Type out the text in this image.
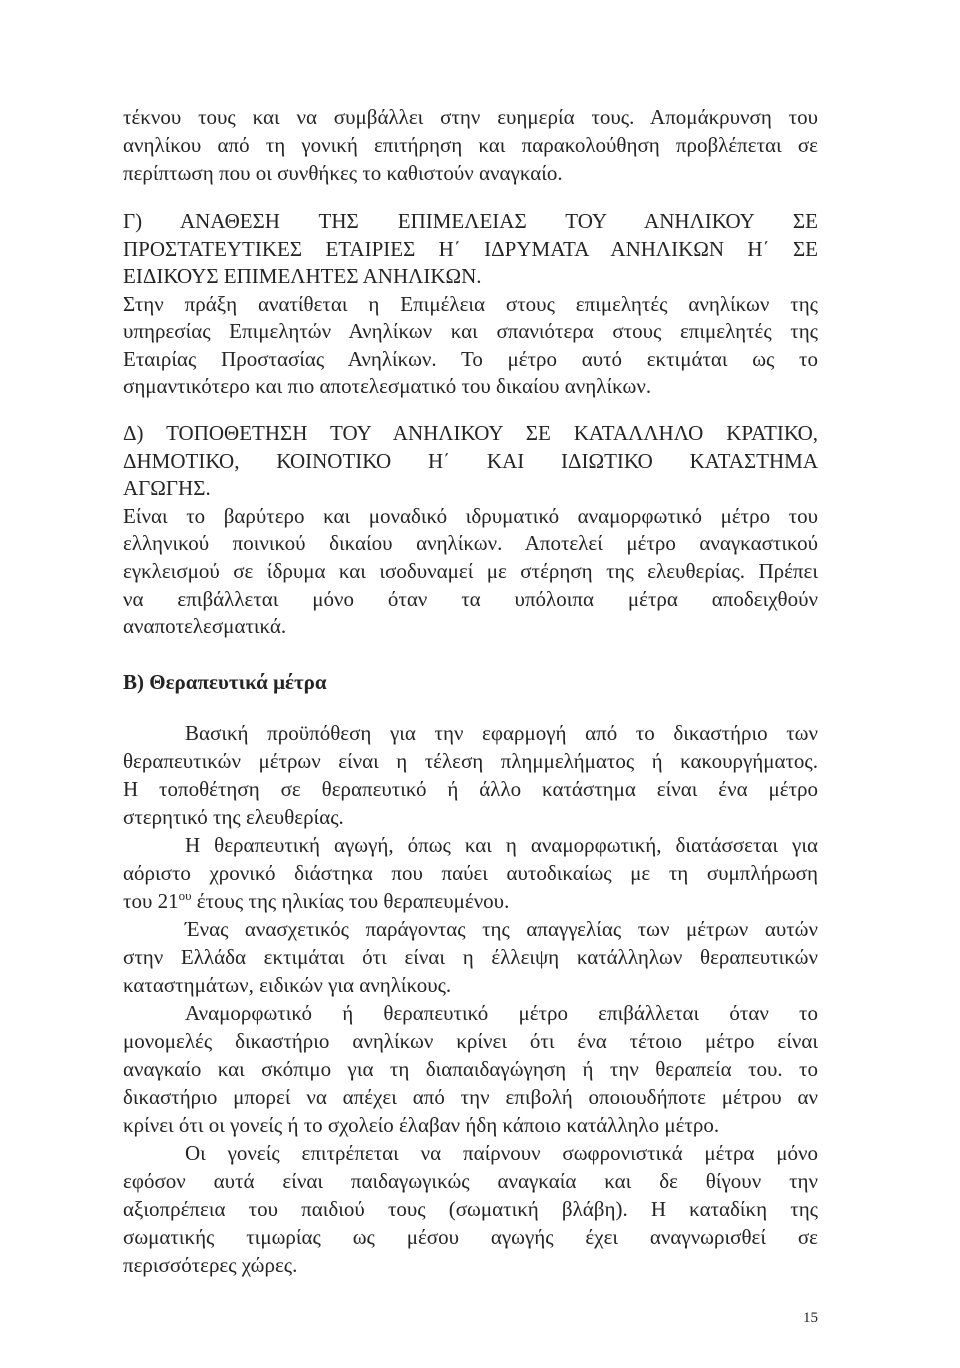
τέκνου τους και να συμβάλλει στην ευημερία τους. Απομάκρυνση του
ανηλίκου από τη γονική επιτήρηση και παρακολούθηση προβλέπεται σε
περίπτωση που οι συνθήκες το καθιστούν αναγκαίο.
Γ) ΑΝΑΘΕΣΗ ΤΗΣ ΕΠΙΜΕΛΕΙΑΣ ΤΟΥ ΑΝΗΛΙΚΟΥ ΣΕ
ΠΡΟΣΤΑΤΕΥΤΙΚΕΣ ΕΤΑΙΡΙΕΣ Η΄ ΙΔΡΥΜΑΤΑ ΑΝΗΛΙΚΩΝ Η΄ ΣΕ
ΕΙΔΙΚΟΥΣ ΕΠΙΜΕΛΗΤΕΣ ΑΝΗΛΙΚΩΝ.
Στην πράξη ανατίθεται η Επιμέλεια στους επιμελητές ανηλίκων της
υπηρεσίας Επιμελητών Ανηλίκων και σπανιότερα στους επιμελητές της
Εταιρίας Προστασίας Ανηλίκων. Το μέτρο αυτό εκτιμάται ως το
σημαντικότερο και πιο αποτελεσματικό του δικαίου ανηλίκων.
Δ) ΤΟΠΟΘΕΤΗΣΗ ΤΟΥ ΑΝΗΛΙΚΟΥ ΣΕ ΚΑΤΑΛΛΗΛΟ ΚΡΑΤΙΚΟ,
ΔΗΜΟΤΙΚΟ, ΚΟΙΝΟΤΙΚΟ Η΄ ΚΑΙ ΙΔΙΩΤΙΚΟ ΚΑΤΑΣΤΗΜΑ
ΑΓΩΓΗΣ.
Είναι το βαρύτερο και μοναδικό ιδρυματικό αναμορφωτικό μέτρο του
ελληνικού ποινικού δικαίου ανηλίκων. Αποτελεί μέτρο αναγκαστικού
εγκλεισμού σε ίδρυμα και ισοδυναμεί με στέρηση της ελευθερίας. Πρέπει
να επιβάλλεται μόνο όταν τα υπόλοιπα μέτρα αποδειχθούν
αναποτελεσματικά.
Β) Θεραπευτικά μέτρα
Βασική προϋπόθεση για την εφαρμογή από το δικαστήριο των
θεραπευτικών μέτρων είναι η τέλεση πλημμελήματος ή κακουργήματος.
Η τοποθέτηση σε θεραπευτικό ή άλλο κατάστημα είναι ένα μέτρο
στερητικό της ελευθερίας.
Η θεραπευτική αγωγή, όπως και η αναμορφωτική, διατάσσεται για
αόριστο χρονικό διάστηκα που παύει αυτοδικαίως με τη συμπλήρωση
του $21^{o\upsilon}$ έτους της ηλικίας του θεραπευμένου.
Ένας ανασχετικός παράγοντας της απαγγελίας των μέτρων αυτών
στην Ελλάδα εκτιμάται ότι είναι η έλλειψη κατάλληλων θεραπευτικών
καταστημάτων, ειδικών για ανηλίκους.
Αναμορφωτικό ή θεραπευτικό μέτρο επιβάλλεται όταν το
μονομελές δικαστήριο ανηλίκων κρίνει ότι ένα τέτοιο μέτρο είναι
αναγκαίο και σκόπιμο για τη διαπαιδαγώγηση ή την θεραπεία του. το
δικαστήριο μπορεί να απέχει από την επιβολή οποιουδήποτε μέτρου αν
κρίνει ότι οι γονείς ή το σχολείο έλαβαν ήδη κάποιο κατάλληλο μέτρο.
Οι γονείς επιτρέπεται να παίρνουν σωφρονιστικά μέτρα μόνο
εφόσον αυτά είναι παιδαγωγικώς αναγκαία και δε θίγουν την
αξιοπρέπεια του παιδιού τους (σωματική βλάβη). Η καταδίκη της
σωματικής τιμωρίας ως μέσου αγωγής έχει αναγνωρισθεί σε
περισσότερες χώρες.
15
